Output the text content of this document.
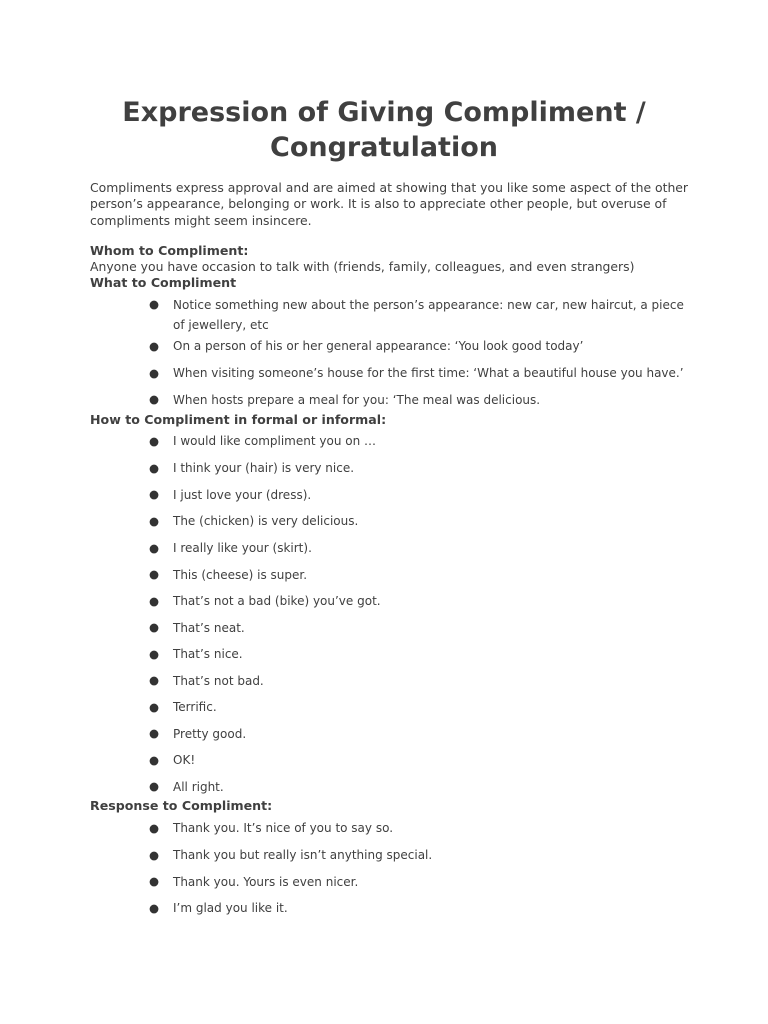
Expression of Giving Compliment /
Congratulation
Compliments express approval and are aimed at showing that you like some aspect of the other person’s appearance, belonging or work. It is also to appreciate other people, but overuse of compliments might seem insincere.
Whom to Compliment:
Anyone you have occasion to talk with (friends, family, colleagues, and even strangers)
What to Compliment
● Notice something new about the person’s appearance: new car, new haircut, a piece of jewellery, etc
● On a person of his or her general appearance: ‘You look good today’
● When visiting someone’s house for the first time: ‘What a beautiful house you have.’
● When hosts prepare a meal for you: ‘The meal was delicious.
How to Compliment in formal or informal:
● I would like compliment you on …
● I think your (hair) is very nice.
● I just love your (dress).
● The (chicken) is very delicious.
● I really like your (skirt).
● This (cheese) is super.
● That’s not a bad (bike) you’ve got.
● That’s neat.
● That’s nice.
● That’s not bad.
● Terrific.
● Pretty good.
● OK!
● All right.
Response to Compliment:
● Thank you. It’s nice of you to say so.
● Thank you but really isn’t anything special.
● Thank you. Yours is even nicer.
● I’m glad you like it.
